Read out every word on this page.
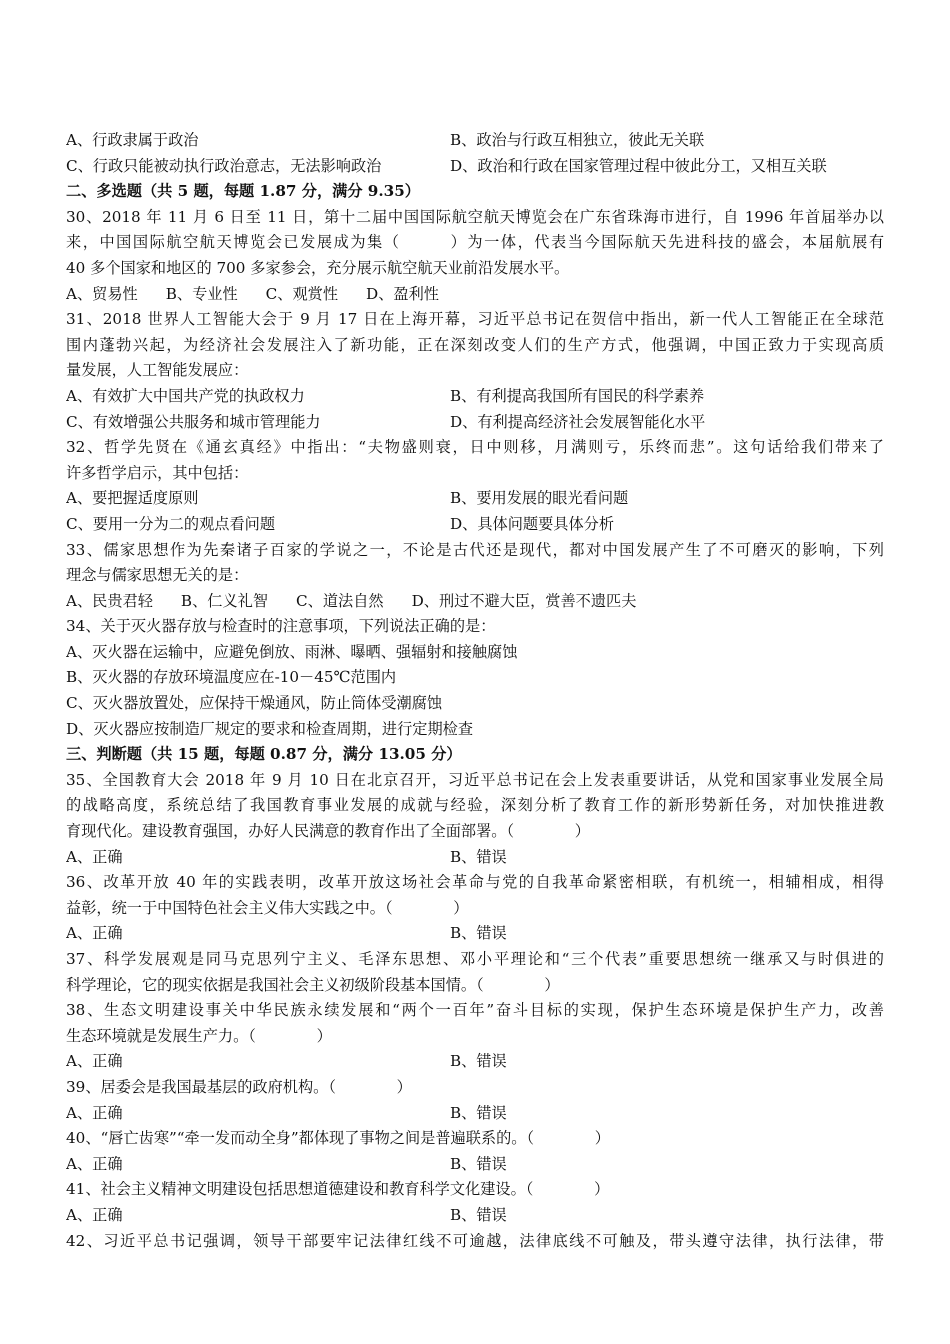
A、行政隶属于政治	B、政治与行政互相独立，彼此无关联
C、行政只能被动执行政治意志，无法影响政治	D、政治和行政在国家管理过程中彼此分工，又相互关联
二、多选题（共 5 题，每题 1.87 分，满分 9.35）
30、2018 年 11 月 6 日至 11 日，第十二届中国国际航空航天博览会在广东省珠海市进行，自 1996 年首届举办以
来，中国国际航空航天博览会已发展成为集（　　　）为一体，代表当今国际航天先进科技的盛会，本届航展有
40 多个国家和地区的 700 多家参会，充分展示航空航天业前沿发展水平。
A、贸易性 B、专业性 C、观赏性 D、盈利性
31、2018 世界人工智能大会于 9 月 17 日在上海开幕，习近平总书记在贺信中指出，新一代人工智能正在全球范
围内蓬勃兴起，为经济社会发展注入了新功能，正在深刻改变人们的生产方式，他强调，中国正致力于实现高质
量发展，人工智能发展应：
A、有效扩大中国共产党的执政权力	B、有利提高我国所有国民的科学素养
C、有效增强公共服务和城市管理能力	D、有利提高经济社会发展智能化水平
32、哲学先贤在《通玄真经》中指出：“夫物盛则衰，日中则移，月满则亏，乐终而悲”。这句话给我们带来了
许多哲学启示，其中包括：
A、要把握适度原则	B、要用发展的眼光看问题
C、要用一分为二的观点看问题	D、具体问题要具体分析
33、儒家思想作为先秦诸子百家的学说之一，不论是古代还是现代，都对中国发展产生了不可磨灭的影响，下列
理念与儒家思想无关的是：
A、民贵君轻 B、仁义礼智 C、道法自然 D、刑过不避大臣，赏善不遗匹夫
34、关于灭火器存放与检查时的注意事项，下列说法正确的是：
A、灭火器在运输中，应避免倒放、雨淋、曝晒、强辐射和接触腐蚀
B、灭火器的存放环境温度应在-10－45℃范围内
C、灭火器放置处，应保持干燥通风，防止筒体受潮腐蚀
D、灭火器应按制造厂规定的要求和检查周期，进行定期检查
三、判断题（共 15 题，每题 0.87 分，满分 13.05 分）
35、全国教育大会 2018 年 9 月 10 日在北京召开，习近平总书记在会上发表重要讲话，从党和国家事业发展全局
的战略高度，系统总结了我国教育事业发展的成就与经验，深刻分析了教育工作的新形势新任务，对加快推进教
育现代化。建设教育强国，办好人民满意的教育作出了全面部署。（　　　　）
A、正确	B、错误
36、改革开放 40 年的实践表明，改革开放这场社会革命与党的自我革命紧密相联，有机统一，相辅相成，相得
益彰，统一于中国特色社会主义伟大实践之中。（　　　　）
A、正确	B、错误
37、科学发展观是同马克思列宁主义、毛泽东思想、邓小平理论和“三个代表”重要思想统一继承又与时俱进的
科学理论，它的现实依据是我国社会主义初级阶段基本国情。（　　　　）
38、生态文明建设事关中华民族永续发展和“两个一百年”奋斗目标的实现，保护生态环境是保护生产力，改善
生态环境就是发展生产力。（　　　　）
A、正确	B、错误
39、居委会是我国最基层的政府机构。（　　　　）
A、正确	B、错误
40、“唇亡齿寒”“牵一发而动全身”都体现了事物之间是普遍联系的。（　　　　）
A、正确	B、错误
41、社会主义精神文明建设包括思想道德建设和教育科学文化建设。（　　　　）
A、正确	B、错误
42、习近平总书记强调，领导干部要牢记法律红线不可逾越，法律底线不可触及，带头遵守法律，执行法律，带
